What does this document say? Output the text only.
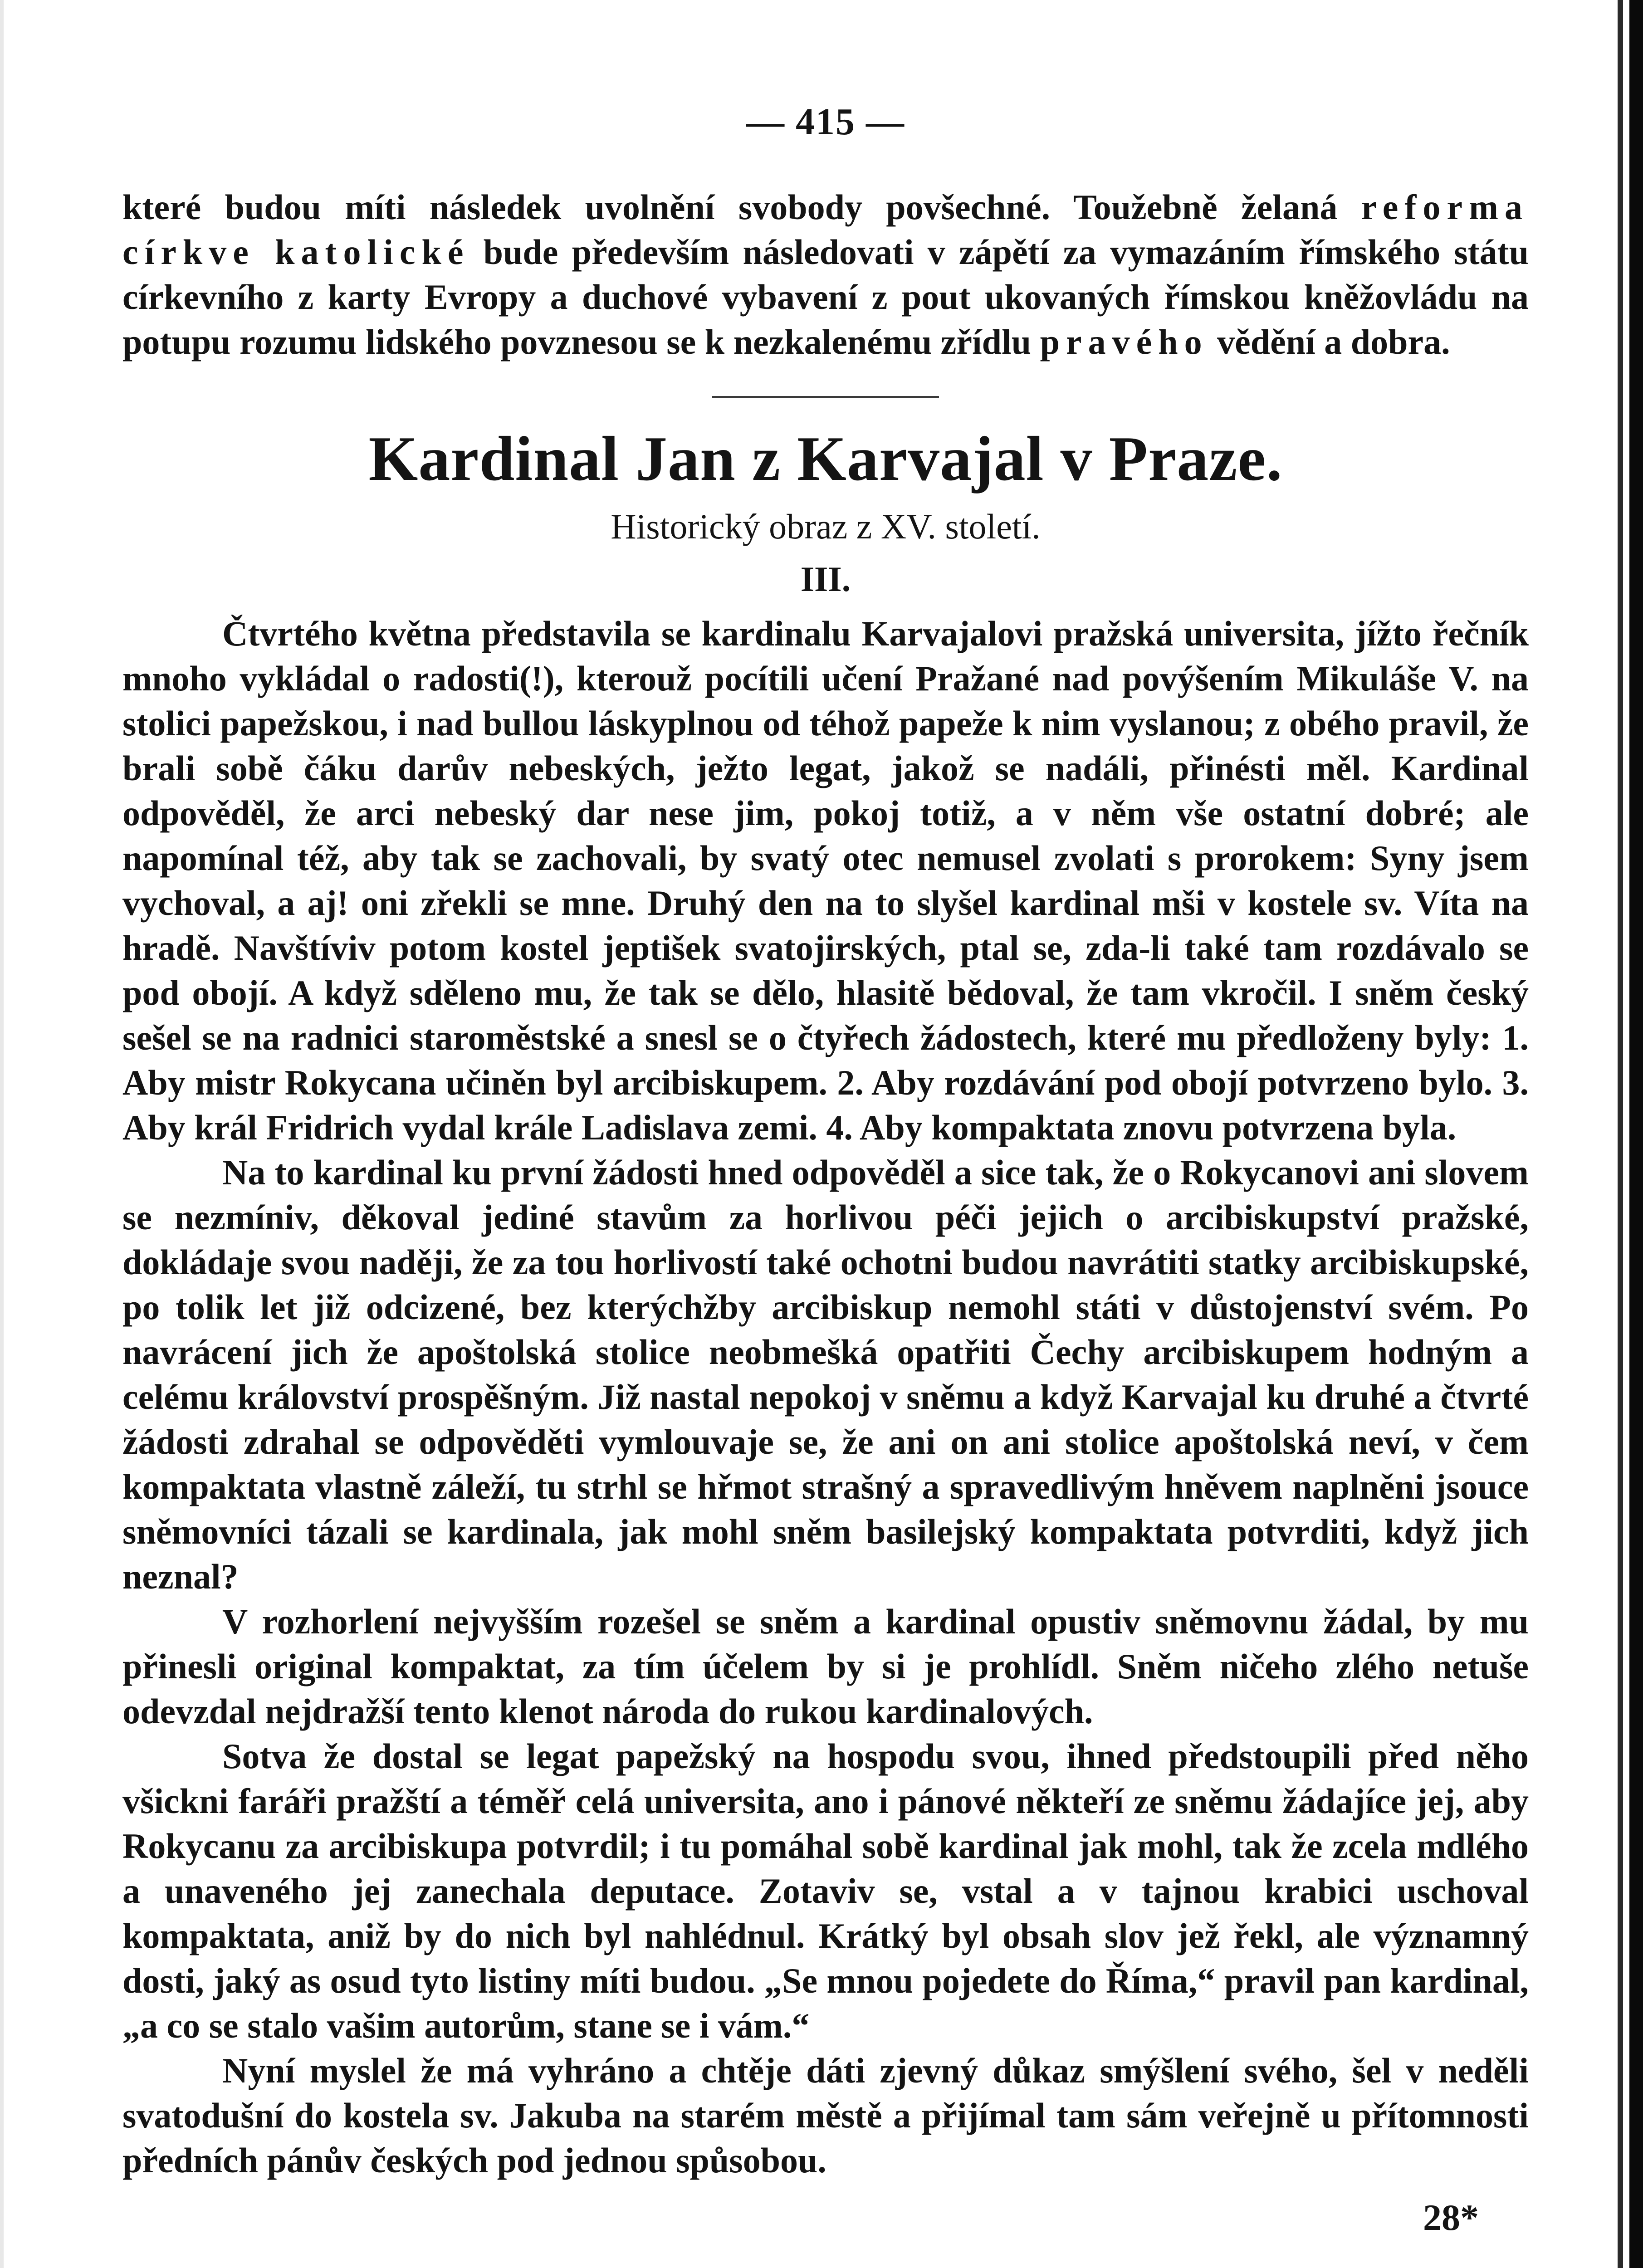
— 415 —

které budou míti následek uvolnění svobody povšechné. Toužebně želaná reforma církve katolické bude především následovati v zápětí za vymazáním římského státu církevního z karty Evropy a duchové vybavení z pout ukovaných římskou kněžovládu na potupu rozumu lidského povznesou se k nezkalenému zřídlu pravého vědění a dobra.

Kardinal Jan z Karvajal v Praze.
Historický obraz z XV. století.
III.

Čtvrtého května představila se kardinalu Karvajalovi pražská universita, jížto řečník mnoho vykládal o radosti(!), kterouž pocítili učení Pražané nad povýšením Mikuláše V. na stolici papežskou, i nad bullou láskyplnou od téhož papeže k nim vyslanou; z obého pravil, že brali sobě čáku darův nebeských, ježto legat, jakož se nadáli, přinésti měl. Kardinal odpověděl, že arci nebeský dar nese jim, pokoj totiž, a v něm vše ostatní dobré; ale napomínal též, aby tak se zachovali, by svatý otec nemusel zvolati s prorokem: Syny jsem vychoval, a aj! oni zřekli se mne. Druhý den na to slyšel kardinal mši v kostele sv. Víta na hradě. Navštíviv potom kostel jeptišek svatojirských, ptal se, zda-li také tam rozdávalo se pod obojí. A když sděleno mu, že tak se dělo, hlasitě bědoval, že tam vkročil. I sněm český sešel se na radnici staroměstské a snesl se o čtyřech žádostech, které mu předloženy byly: 1. Aby mistr Rokycana učiněn byl arcibiskupem. 2. Aby rozdávání pod obojí potvrzeno bylo. 3. Aby král Fridrich vydal krále Ladislava zemi. 4. Aby kompaktata znovu potvrzena byla.

Na to kardinal ku první žádosti hned odpověděl a sice tak, že o Rokycanovi ani slovem se nezmíniv, děkoval jediné stavům za horlivou péči jejich o arcibiskupství pražské, dokládaje svou naději, že za tou horlivostí také ochotni budou navrátiti statky arcibiskupské, po tolik let již odcizené, bez kterýchžby arcibiskup nemohl státi v důstojenství svém. Po navrácení jich že apoštolská stolice neobmešká opatřiti Čechy arcibiskupem hodným a celému království prospěšným. Již nastal nepokoj v sněmu a když Karvajal ku druhé a čtvrté žádosti zdrahal se odpověděti vymlouvaje se, že ani on ani stolice apoštolská neví, v čem kompaktata vlastně záleží, tu strhl se hřmot strašný a spravedlivým hněvem naplněni jsouce sněmovníci tázali se kardinala, jak mohl sněm basilejský kompaktata potvrditi, když jich neznal?

V rozhorlení nejvyšším rozešel se sněm a kardinal opustiv sněmovnu žádal, by mu přinesli original kompaktat, za tím účelem by si je prohlídl. Sněm ničeho zlého netuše odevzdal nejdražší tento klenot národa do rukou kardinalových.

Sotva že dostal se legat papežský na hospodu svou, ihned předstoupili před něho všickni faráři pražští a téměř celá universita, ano i pánové někteří ze sněmu žádajíce jej, aby Rokycanu za arcibiskupa potvrdil; i tu pomáhal sobě kardinal jak mohl, tak že zcela mdlého a unaveného jej zanechala deputace. Zotaviv se, vstal a v tajnou krabici uschoval kompaktata, aniž by do nich byl nahlédnul. Krátký byl obsah slov jež řekl, ale významný dosti, jaký as osud tyto listiny míti budou. „Se mnou pojedete do Říma,“ pravil pan kardinal, „a co se stalo vašim autorům, stane se i vám.“

Nyní myslel že má vyhráno a chtěje dáti zjevný důkaz smýšlení svého, šel v neděli svatodušní do kostela sv. Jakuba na starém městě a přijímal tam sám veřejně u přítomnosti předních pánův českých pod jednou spůsobou.

28*
